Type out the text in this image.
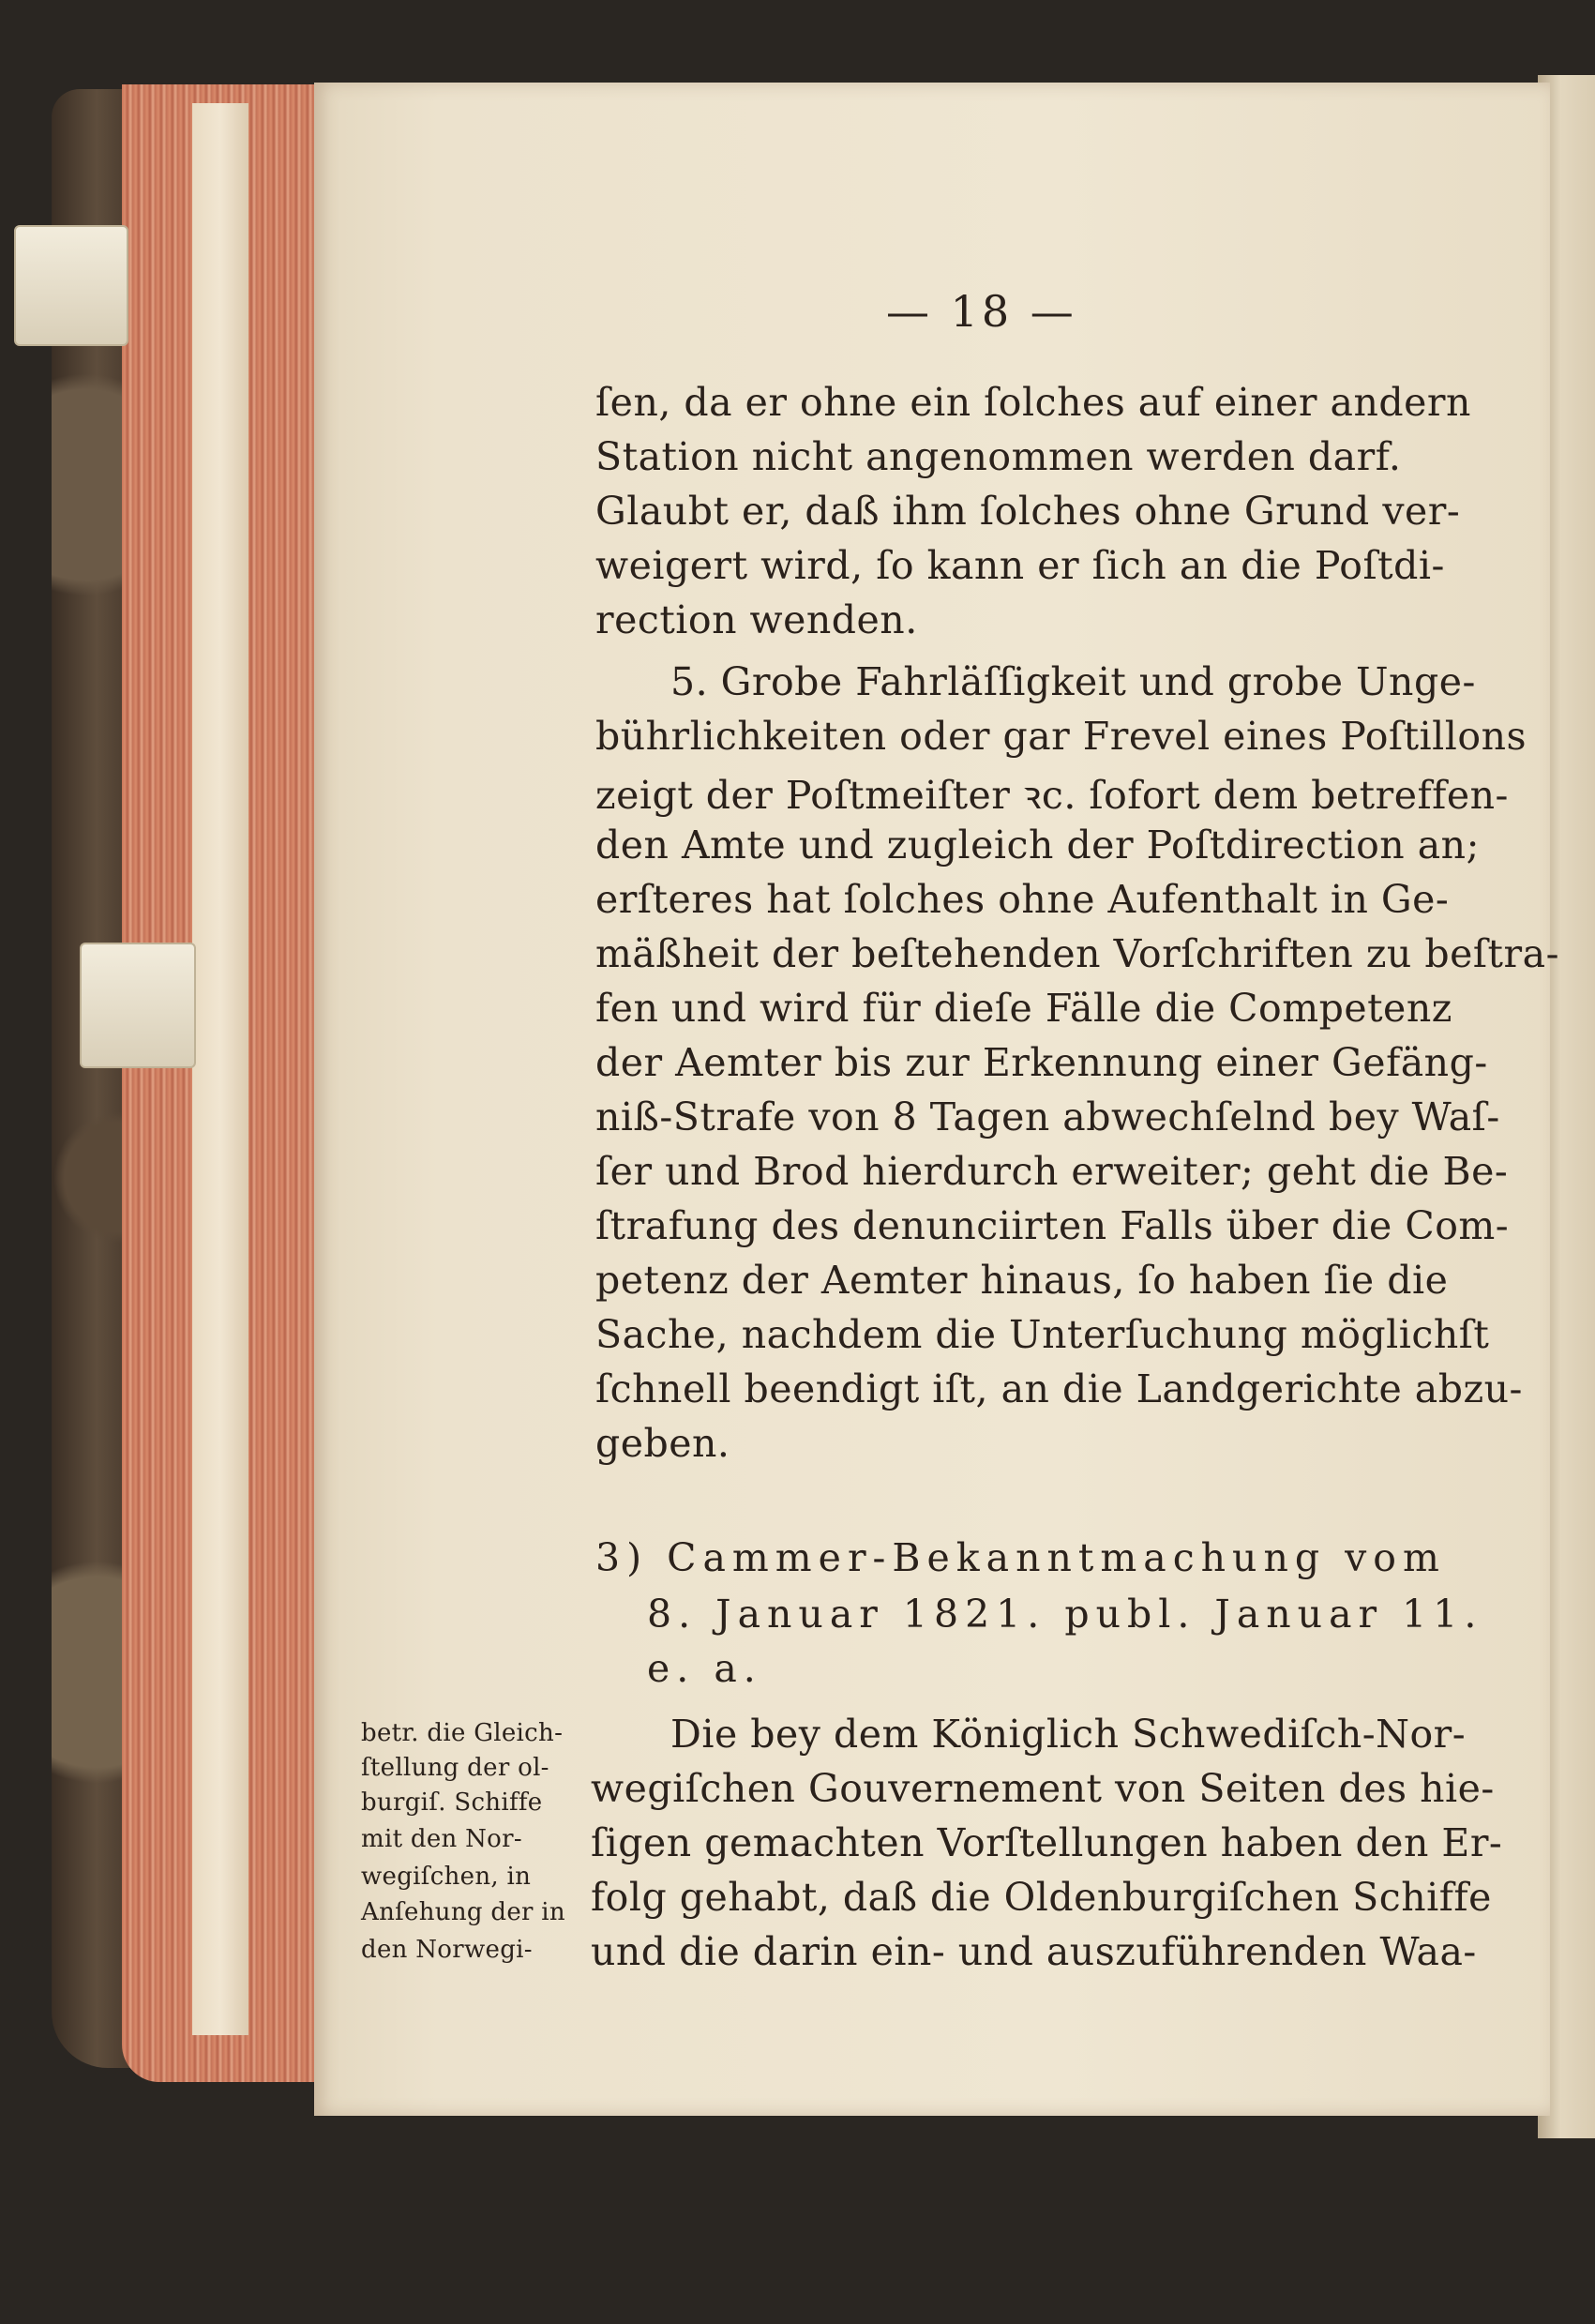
— 18 —
ſen, da er ohne ein ſolches auf einer andern
Station nicht angenommen werden darf.
Glaubt er, daß ihm ſolches ohne Grund ver-
weigert wird, ſo kann er ſich an die Poſtdi-
rection wenden.
5. Grobe Fahrläſſigkeit und grobe Unge-
bührlichkeiten oder gar Frevel eines Poſtillons
zeigt der Poſtmeiſter ꝛc. ſofort dem betreffen-
den Amte und zugleich der Poſtdirection an;
erſteres hat ſolches ohne Aufenthalt in Ge-
mäßheit der beſtehenden Vorſchriften zu beſtra-
fen und wird für dieſe Fälle die Competenz
der Aemter bis zur Erkennung einer Gefäng-
niß-Strafe von 8 Tagen abwechſelnd bey Waſ-
ſer und Brod hierdurch erweiter; geht die Be-
ſtrafung des denunciirten Falls über die Com-
petenz der Aemter hinaus, ſo haben ſie die
Sache, nachdem die Unterſuchung möglichſt
ſchnell beendigt iſt, an die Landgerichte abzu-
geben.
3) Cammer-Bekanntmachung vom
8. Januar 1821. publ. Januar 11.
e. a.
Die bey dem Königlich Schwediſch-Nor-
wegiſchen Gouvernement von Seiten des hie-
ſigen gemachten Vorſtellungen haben den Er-
folg gehabt, daß die Oldenburgiſchen Schiffe
und die darin ein- und auszuführenden Waa-
betr. die Gleich-
ſtellung der ol-
burgiſ. Schiffe
mit den Nor-
wegiſchen, in
Anſehung der in
den Norwegi-
